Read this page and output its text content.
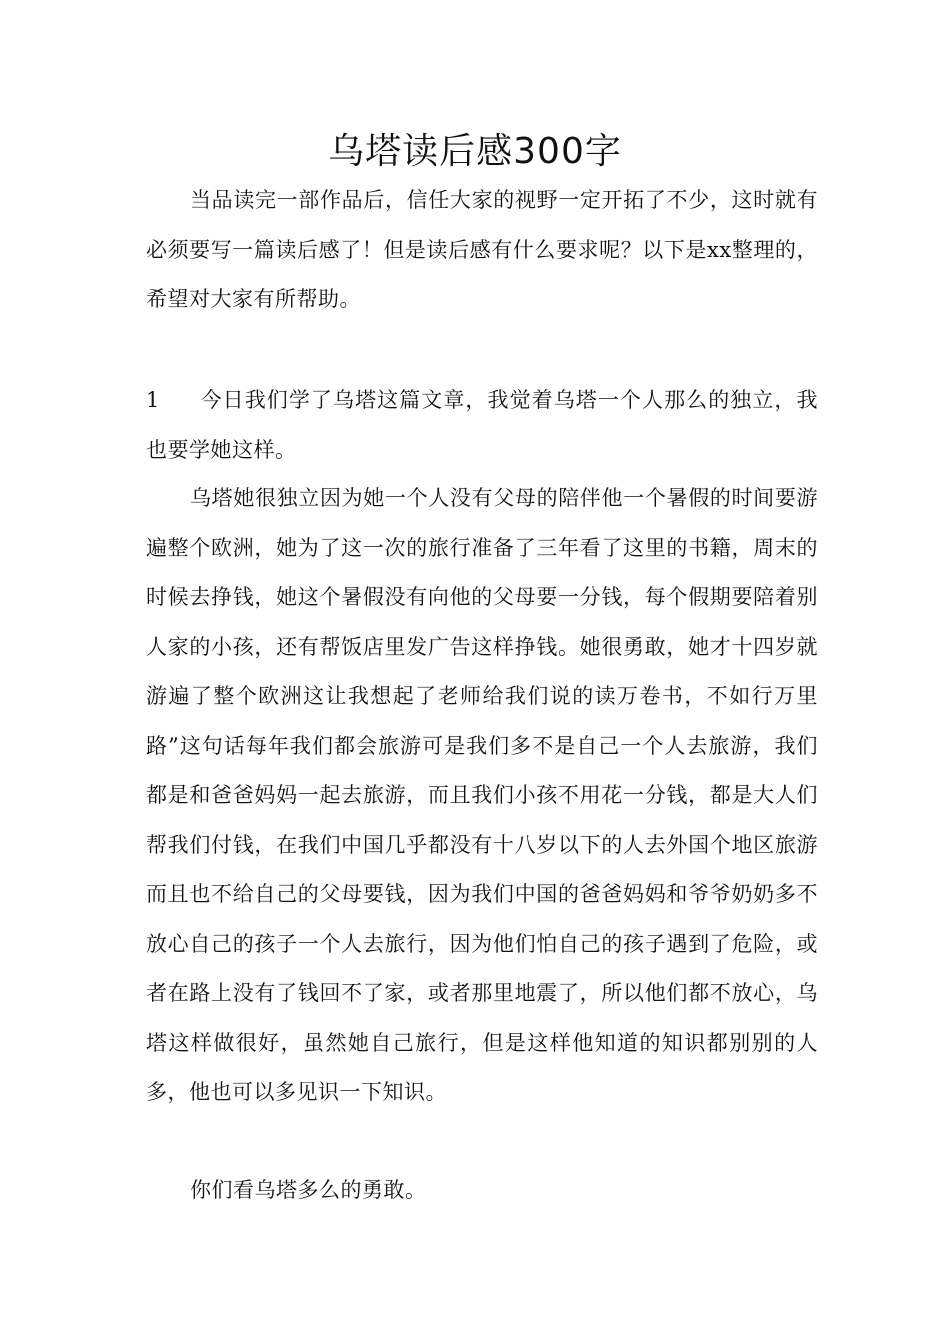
乌塔读后感300字

当品读完一部作品后，信任大家的视野一定开拓了不少，这时就有必须要写一篇读后感了！但是读后感有什么要求呢？以下是xx整理的，希望对大家有所帮助。

1 今日我们学了乌塔这篇文章，我觉着乌塔一个人那么的独立，我也要学她这样。

乌塔她很独立因为她一个人没有父母的陪伴他一个暑假的时间要游遍整个欧洲，她为了这一次的旅行准备了三年看了这里的书籍，周末的时候去挣钱，她这个暑假没有向他的父母要一分钱，每个假期要陪着别人家的小孩，还有帮饭店里发广告这样挣钱。她很勇敢，她才十四岁就游遍了整个欧洲这让我想起了老师给我们说的读万卷书，不如行万里路”这句话每年我们都会旅游可是我们多不是自己一个人去旅游，我们都是和爸爸妈妈一起去旅游，而且我们小孩不用花一分钱，都是大人们帮我们付钱，在我们中国几乎都没有十八岁以下的人去外国个地区旅游而且也不给自己的父母要钱，因为我们中国的爸爸妈妈和爷爷奶奶多不放心自己的孩子一个人去旅行，因为他们怕自己的孩子遇到了危险，或者在路上没有了钱回不了家，或者那里地震了，所以他们都不放心，乌塔这样做很好，虽然她自己旅行，但是这样他知道的知识都别别的人多，他也可以多见识一下知识。

你们看乌塔多么的勇敢。
